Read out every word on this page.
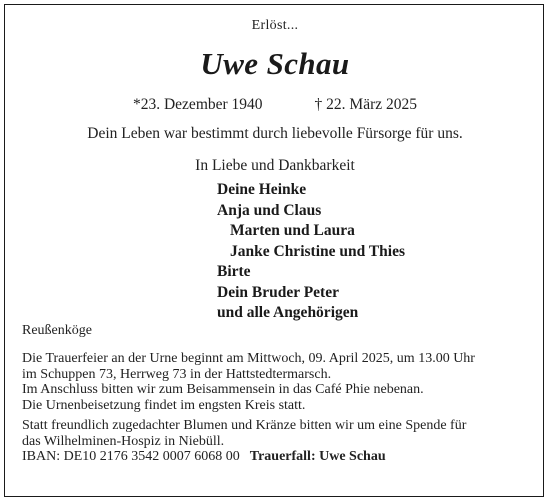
Erlöst...
Uwe Schau
*23. Dezember 1940	† 22. März 2025
Dein Leben war bestimmt durch liebevolle Fürsorge für uns.
In Liebe und Dankbarkeit
Deine Heinke
Anja und Claus
Marten und Laura
Janke Christine und Thies
Birte
Dein Bruder Peter
und alle Angehörigen
Reußenköge
Die Trauerfeier an der Urne beginnt am Mittwoch, 09. April 2025, um 13.00 Uhr
im Schuppen 73, Herrweg 73 in der Hattstedtermarsch.
Im Anschluss bitten wir zum Beisammensein in das Café Phie nebenan.
Die Urnenbeisetzung findet im engsten Kreis statt.
Statt freundlich zugedachter Blumen und Kränze bitten wir um eine Spende für
das Wilhelminen-Hospiz in Niebüll.
IBAN: DE10 2176 3542 0007 6068 00 Trauerfall: Uwe Schau
